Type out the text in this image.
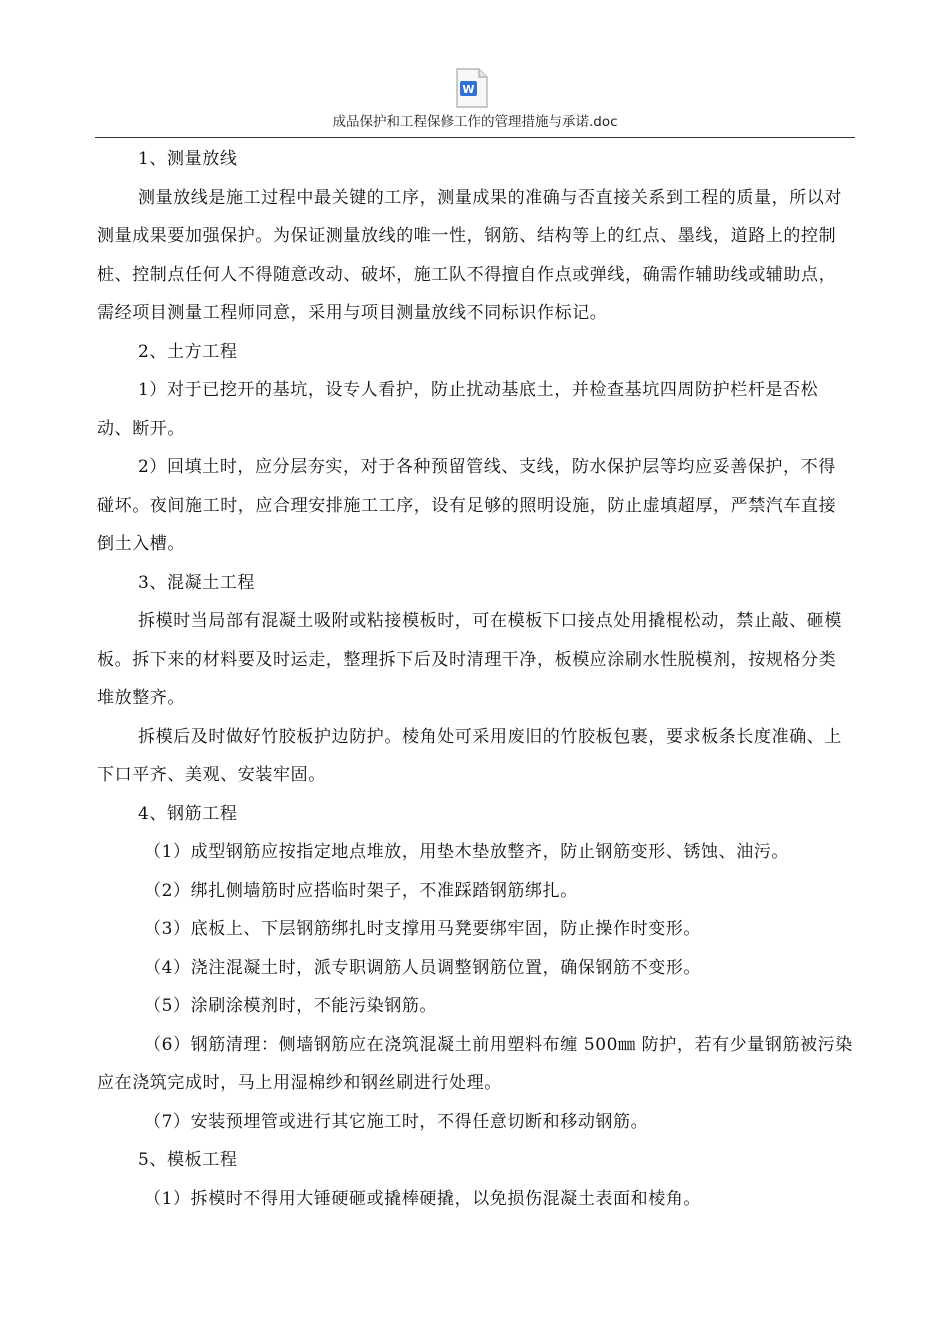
W
成品保护和工程保修工作的管理措施与承诺.doc

1、测量放线

测量放线是施工过程中最关键的工序，测量成果的准确与否直接关系到工程的质量，所以对测量成果要加强保护。为保证测量放线的唯一性，钢筋、结构等上的红点、墨线，道路上的控制桩、控制点任何人不得随意改动、破坏，施工队不得擅自作点或弹线，确需作辅助线或辅助点，需经项目测量工程师同意，采用与项目测量放线不同标识作标记。

2、土方工程

1）对于已挖开的基坑，设专人看护，防止扰动基底土，并检查基坑四周防护栏杆是否松动、断开。

2）回填土时，应分层夯实，对于各种预留管线、支线，防水保护层等均应妥善保护，不得碰坏。夜间施工时，应合理安排施工工序，设有足够的照明设施，防止虚填超厚，严禁汽车直接倒土入槽。

3、混凝土工程

拆模时当局部有混凝土吸附或粘接模板时，可在模板下口接点处用撬棍松动，禁止敲、砸模板。拆下来的材料要及时运走，整理拆下后及时清理干净，板模应涂刷水性脱模剂，按规格分类堆放整齐。

拆模后及时做好竹胶板护边防护。棱角处可采用废旧的竹胶板包裹，要求板条长度准确、上下口平齐、美观、安装牢固。

4、钢筋工程

（1）成型钢筋应按指定地点堆放，用垫木垫放整齐，防止钢筋变形、锈蚀、油污。

（2）绑扎侧墙筋时应搭临时架子，不准踩踏钢筋绑扎。

（3）底板上、下层钢筋绑扎时支撑用马凳要绑牢固，防止操作时变形。

（4）浇注混凝土时，派专职调筋人员调整钢筋位置，确保钢筋不变形。

（5）涂刷涂模剂时，不能污染钢筋。

（6）钢筋清理：侧墙钢筋应在浇筑混凝土前用塑料布缠 500㎜ 防护，若有少量钢筋被污染应在浇筑完成时，马上用湿棉纱和钢丝刷进行处理。

（7）安装预埋管或进行其它施工时，不得任意切断和移动钢筋。

5、模板工程

（1）拆模时不得用大锤硬砸或撬棒硬撬，以免损伤混凝土表面和棱角。
